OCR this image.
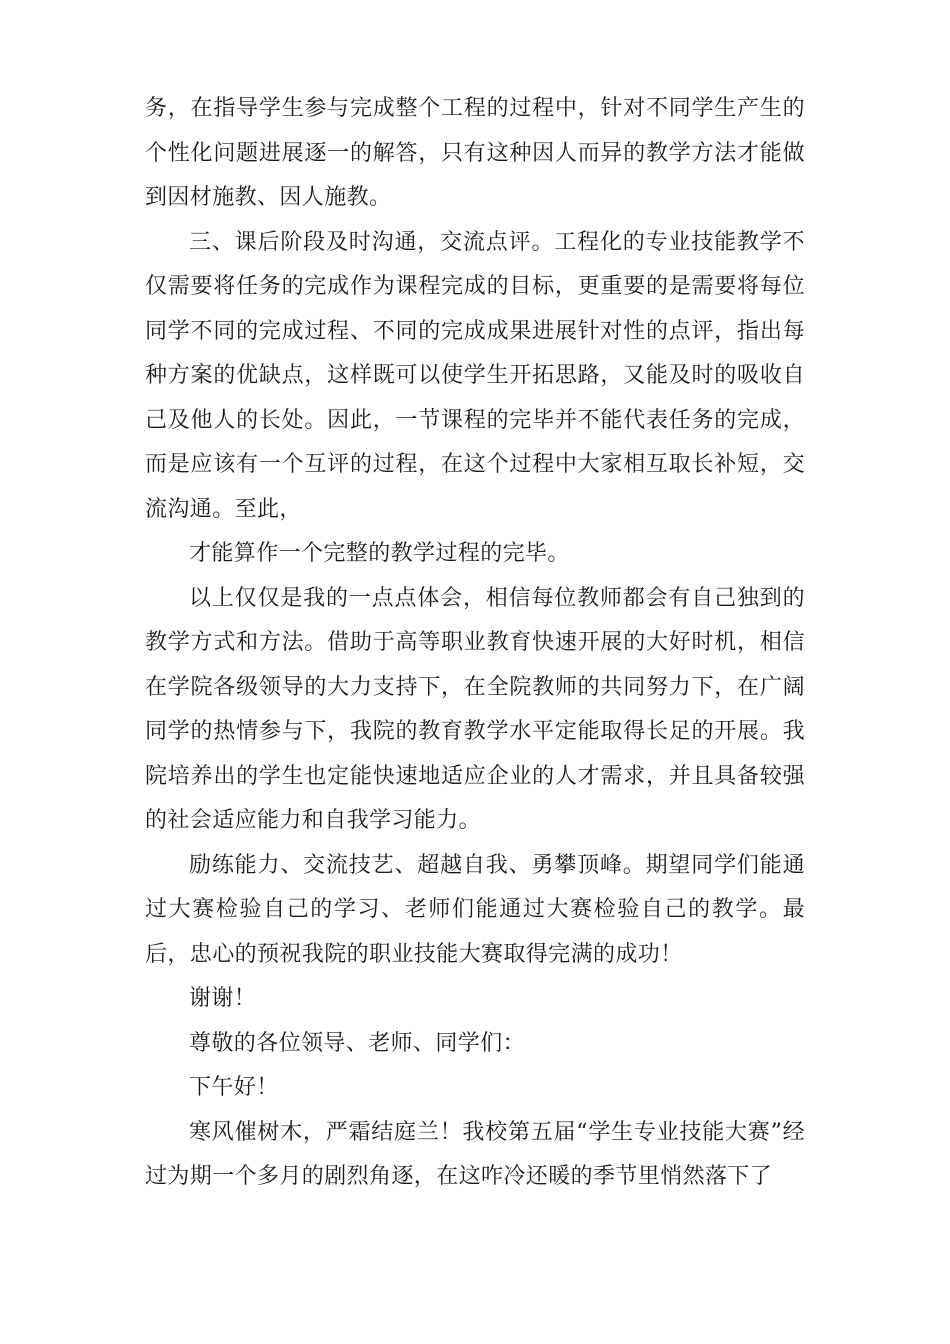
务，在指导学生参与完成整个工程的过程中，针对不同学生产生的个性化问题进展逐一的解答，只有这种因人而异的教学方法才能做到因材施教、因人施教。

三、课后阶段及时沟通，交流点评。工程化的专业技能教学不仅需要将任务的完成作为课程完成的目标，更重要的是需要将每位同学不同的完成过程、不同的完成成果进展针对性的点评，指出每种方案的优缺点，这样既可以使学生开拓思路，又能及时的吸收自己及他人的长处。因此，一节课程的完毕并不能代表任务的完成，而是应该有一个互评的过程，在这个过程中大家相互取长补短，交流沟通。至此，

才能算作一个完整的教学过程的完毕。

以上仅仅是我的一点点体会，相信每位教师都会有自己独到的教学方式和方法。借助于高等职业教育快速开展的大好时机，相信在学院各级领导的大力支持下，在全院教师的共同努力下，在广阔同学的热情参与下，我院的教育教学水平定能取得长足的开展。我院培养出的学生也定能快速地适应企业的人才需求，并且具备较强的社会适应能力和自我学习能力。

励练能力、交流技艺、超越自我、勇攀顶峰。期望同学们能通过大赛检验自己的学习、老师们能通过大赛检验自己的教学。最后，忠心的预祝我院的职业技能大赛取得完满的成功！

谢谢！

尊敬的各位领导、老师、同学们：

下午好！

寒风催树木，严霜结庭兰！我校第五届“学生专业技能大赛”经过为期一个多月的剧烈角逐，在这咋冷还暖的季节里悄然落下了
